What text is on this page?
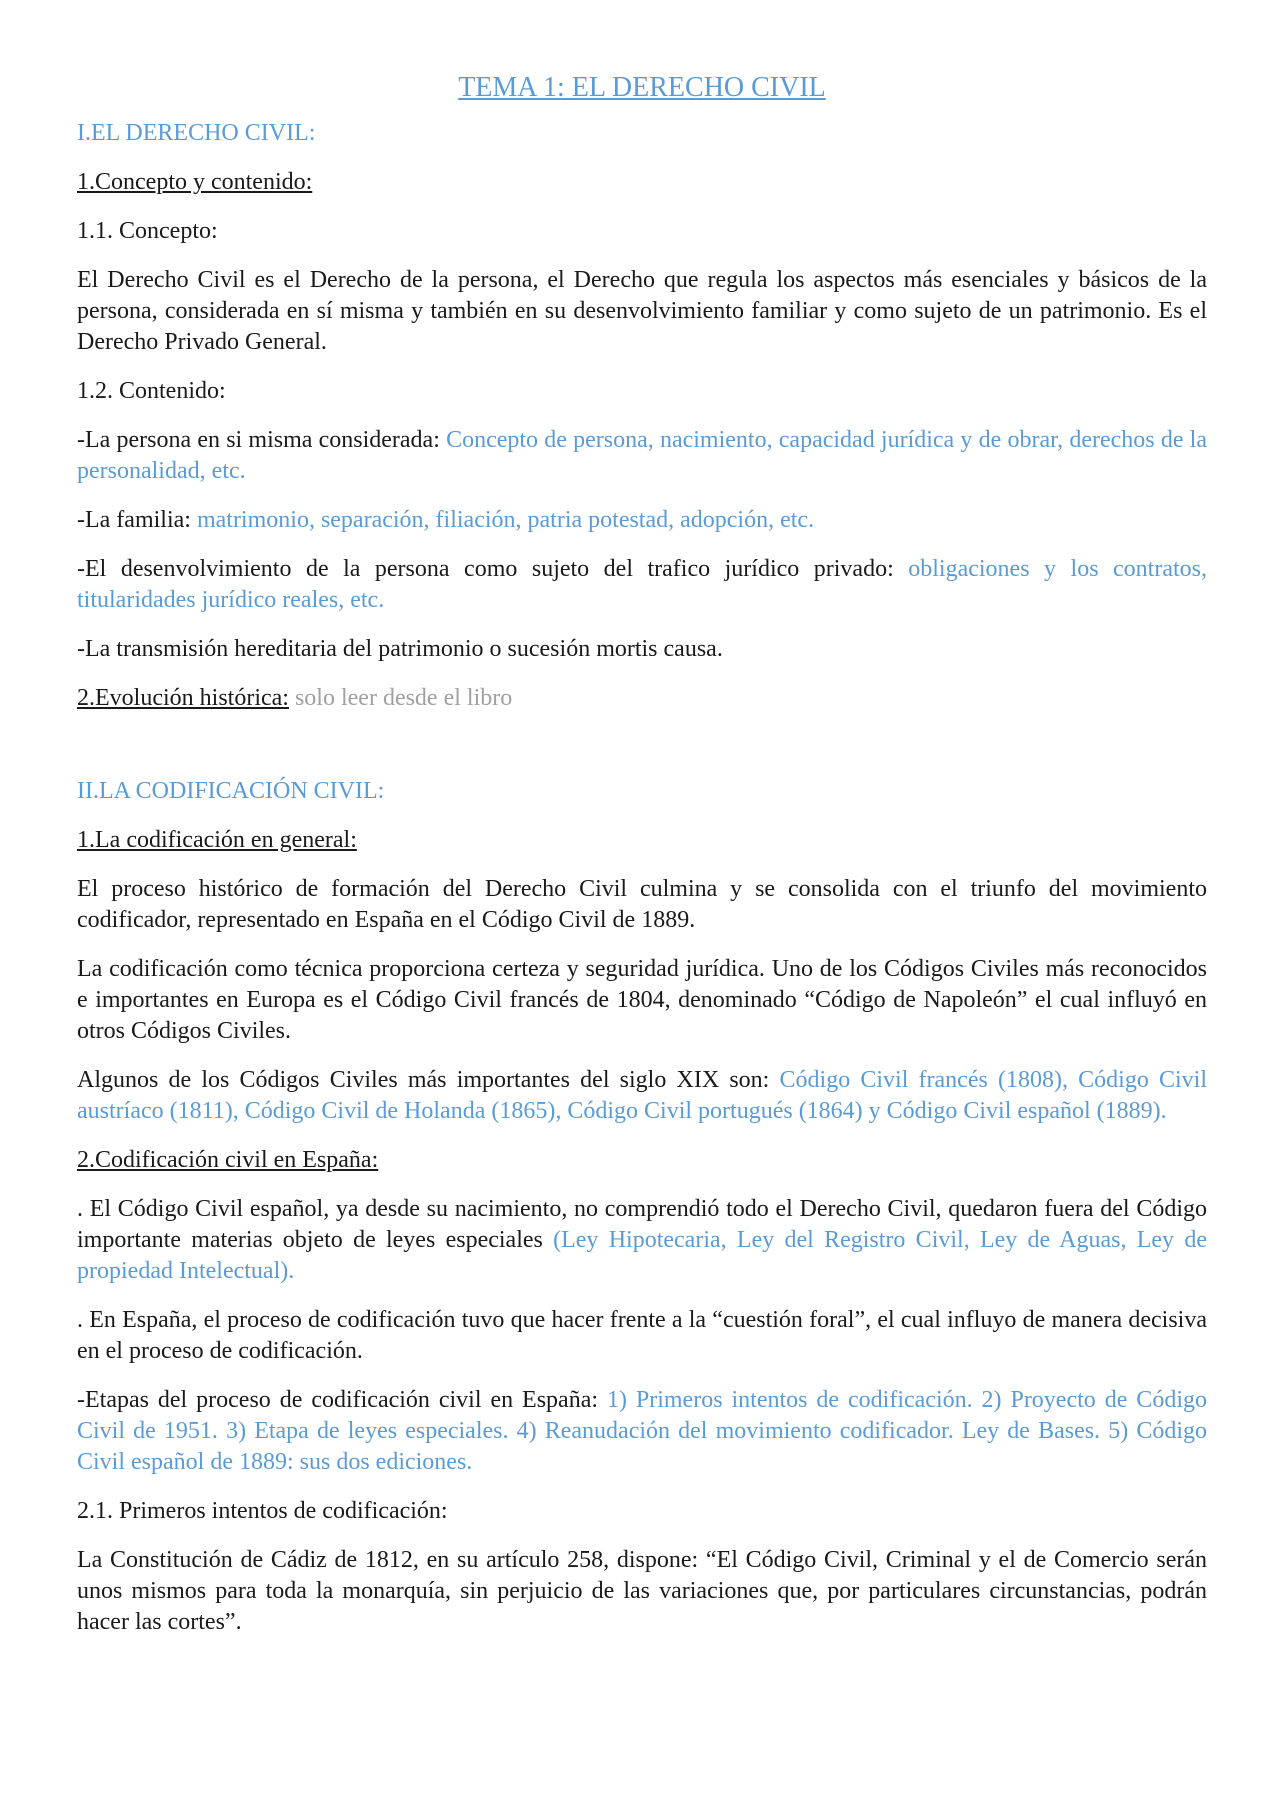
TEMA 1: EL DERECHO CIVIL
I.EL DERECHO CIVIL:
1.Concepto y contenido:
1.1. Concepto:

El Derecho Civil es el Derecho de la persona, el Derecho que regula los aspectos más esenciales y básicos de la persona, considerada en sí misma y también en su desenvolvimiento familiar y como sujeto de un patrimonio. Es el Derecho Privado General.

1.2. Contenido:

-La persona en si misma considerada: Concepto de persona, nacimiento, capacidad jurídica y de obrar, derechos de la personalidad, etc.

-La familia: matrimonio, separación, filiación, patria potestad, adopción, etc.

-El desenvolvimiento de la persona como sujeto del trafico jurídico privado: obligaciones y los contratos, titularidades jurídico reales, etc.

-La transmisión hereditaria del patrimonio o sucesión mortis causa.

2.Evolución histórica: solo leer desde el libro
II.LA CODIFICACIÓN CIVIL:
1.La codificación en general:

El proceso histórico de formación del Derecho Civil culmina y se consolida con el triunfo del movimiento codificador, representado en España en el Código Civil de 1889.

La codificación como técnica proporciona certeza y seguridad jurídica. Uno de los Códigos Civiles más reconocidos e importantes en Europa es el Código Civil francés de 1804, denominado “Código de Napoleón” el cual influyó en otros Códigos Civiles.

Algunos de los Códigos Civiles más importantes del siglo XIX son: Código Civil francés (1808), Código Civil austríaco (1811), Código Civil de Holanda (1865), Código Civil portugués (1864) y Código Civil español (1889).

2.Codificación civil en España:

. El Código Civil español, ya desde su nacimiento, no comprendió todo el Derecho Civil, quedaron fuera del Código importante materias objeto de leyes especiales (Ley Hipotecaria, Ley del Registro Civil, Ley de Aguas, Ley de propiedad Intelectual).

. En España, el proceso de codificación tuvo que hacer frente a la “cuestión foral”, el cual influyo de manera decisiva en el proceso de codificación.

-Etapas del proceso de codificación civil en España: 1) Primeros intentos de codificación. 2) Proyecto de Código Civil de 1951. 3) Etapa de leyes especiales. 4) Reanudación del movimiento codificador. Ley de Bases. 5) Código Civil español de 1889: sus dos ediciones.

2.1. Primeros intentos de codificación:

La Constitución de Cádiz de 1812, en su artículo 258, dispone: “El Código Civil, Criminal y el de Comercio serán unos mismos para toda la monarquía, sin perjuicio de las variaciones que, por particulares circunstancias, podrán hacer las cortes”.
